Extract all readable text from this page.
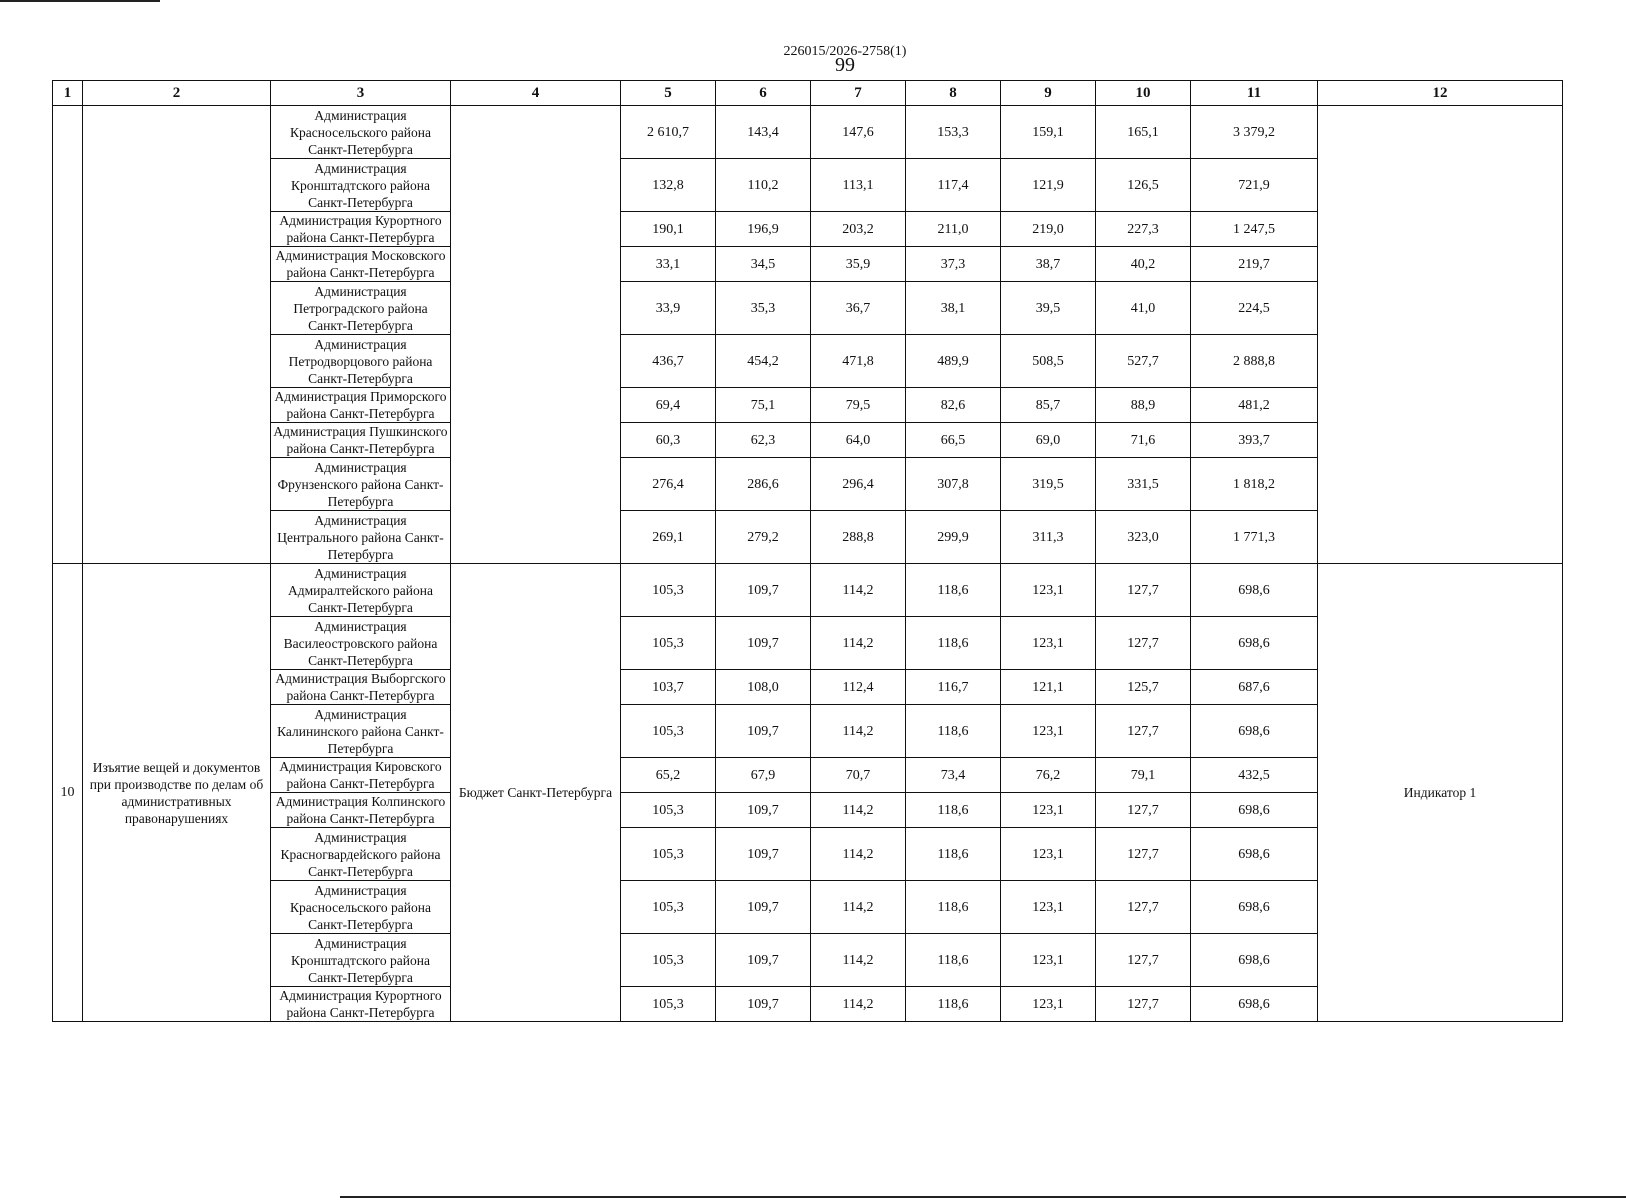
226015/2026-2758(1)
99
1	2	3	4	5	6	7	8	9	10	11	12
		Администрация Красносельского района Санкт-Петербурга		2 610,7	143,4	147,6	153,3	159,1	165,1	3 379,2	
		Администрация Кронштадтского района Санкт-Петербурга		132,8	110,2	113,1	117,4	121,9	126,5	721,9	
		Администрация Курортного района Санкт-Петербурга		190,1	196,9	203,2	211,0	219,0	227,3	1 247,5	
		Администрация Московского района Санкт-Петербурга		33,1	34,5	35,9	37,3	38,7	40,2	219,7	
		Администрация Петроградского района Санкт-Петербурга		33,9	35,3	36,7	38,1	39,5	41,0	224,5	
		Администрация Петродворцового района Санкт-Петербурга		436,7	454,2	471,8	489,9	508,5	527,7	2 888,8	
		Администрация Приморского района Санкт-Петербурга		69,4	75,1	79,5	82,6	85,7	88,9	481,2	
		Администрация Пушкинского района Санкт-Петербурга		60,3	62,3	64,0	66,5	69,0	71,6	393,7	
		Администрация Фрунзенского района Санкт-Петербурга		276,4	286,6	296,4	307,8	319,5	331,5	1 818,2	
		Администрация Центрального района Санкт-Петербурга		269,1	279,2	288,8	299,9	311,3	323,0	1 771,3	
10	Изъятие вещей и документов при производстве по делам об административных правонарушениях	Администрация Адмиралтейского района Санкт-Петербурга	Бюджет Санкт-Петербурга	105,3	109,7	114,2	118,6	123,1	127,7	698,6	Индикатор 1
		Администрация Василеостровского района Санкт-Петербурга		105,3	109,7	114,2	118,6	123,1	127,7	698,6	
		Администрация Выборгского района Санкт-Петербурга		103,7	108,0	112,4	116,7	121,1	125,7	687,6	
		Администрация Калининского района Санкт-Петербурга		105,3	109,7	114,2	118,6	123,1	127,7	698,6	
		Администрация Кировского района Санкт-Петербурга		65,2	67,9	70,7	73,4	76,2	79,1	432,5	
		Администрация Колпинского района Санкт-Петербурга		105,3	109,7	114,2	118,6	123,1	127,7	698,6	
		Администрация Красногвардейского района Санкт-Петербурга		105,3	109,7	114,2	118,6	123,1	127,7	698,6	
		Администрация Красносельского района Санкт-Петербурга		105,3	109,7	114,2	118,6	123,1	127,7	698,6	
		Администрация Кронштадтского района Санкт-Петербурга		105,3	109,7	114,2	118,6	123,1	127,7	698,6	
		Администрация Курортного района Санкт-Петербурга		105,3	109,7	114,2	118,6	123,1	127,7	698,6	
